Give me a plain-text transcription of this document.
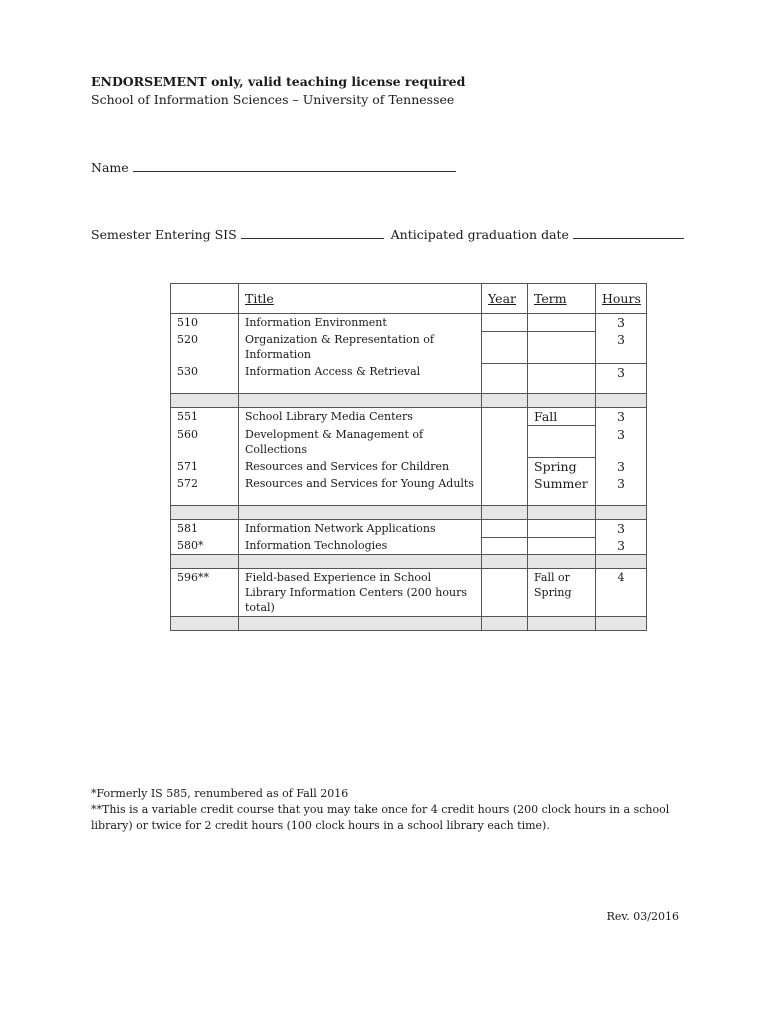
ENDORSEMENT only, valid teaching license required
School of Information Sciences – University of Tennessee
Name
Semester Entering SIS	Anticipated graduation date
	Title	Year	Term	Hours
510	Information Environment			3
520	Organization & Representation of Information			3
530	Information Access & Retrieval			3

551	School Library Media Centers		Fall	3
560	Development & Management of Collections			3
571	Resources and Services for Children		Spring	3
572	Resources and Services for Young Adults		Summer	3

581	Information Network Applications			3
580*	Information Technologies			3

596**	Field-based Experience in School Library Information Centers (200 hours total)		Fall or Spring	4

*Formerly IS 585, renumbered as of Fall 2016
**This is a variable credit course that you may take once for 4 credit hours (200 clock hours in a school
library) or twice for 2 credit hours (100 clock hours in a school library each time).
Rev. 03/2016
